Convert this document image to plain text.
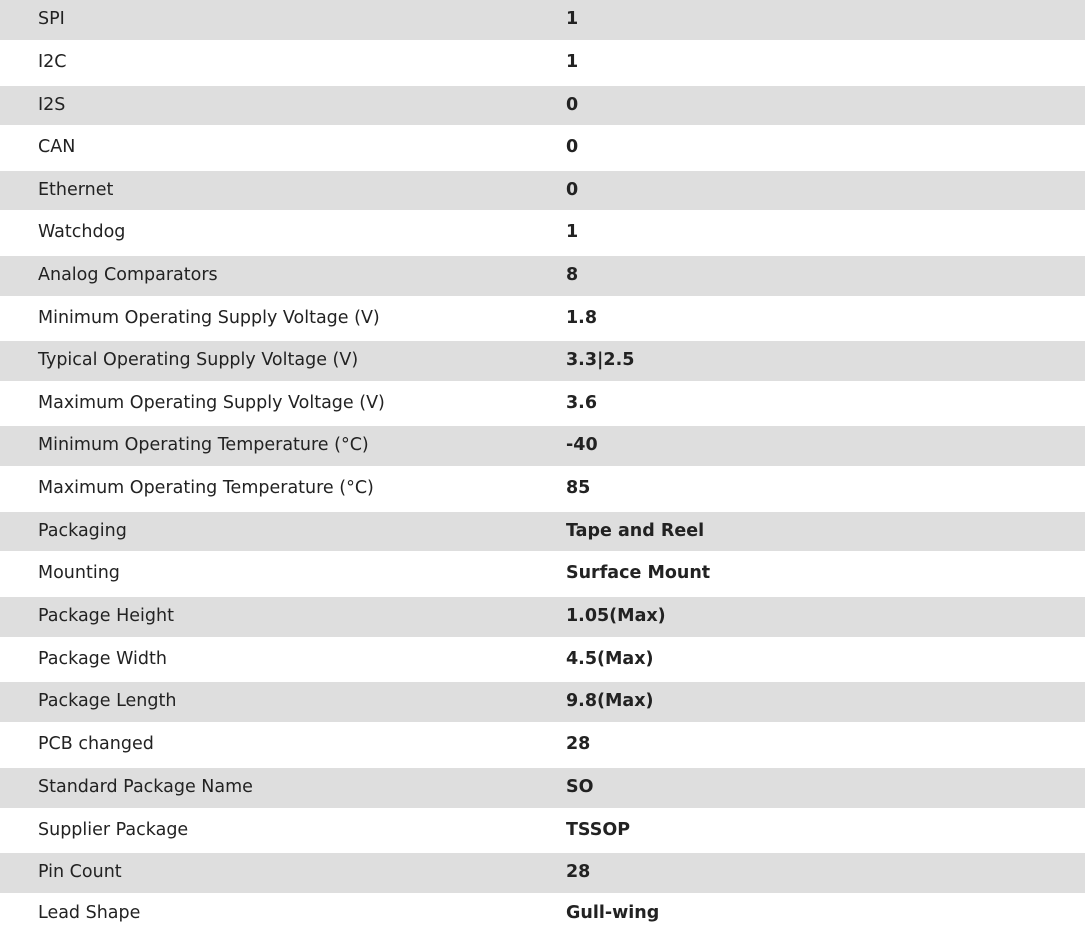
SPI	1
I2C	1
I2S	0
CAN	0
Ethernet	0
Watchdog	1
Analog Comparators	8
Minimum Operating Supply Voltage (V)	1.8
Typical Operating Supply Voltage (V)	3.3|2.5
Maximum Operating Supply Voltage (V)	3.6
Minimum Operating Temperature (°C)	-40
Maximum Operating Temperature (°C)	85
Packaging	Tape and Reel
Mounting	Surface Mount
Package Height	1.05(Max)
Package Width	4.5(Max)
Package Length	9.8(Max)
PCB changed	28
Standard Package Name	SO
Supplier Package	TSSOP
Pin Count	28
Lead Shape	Gull-wing
